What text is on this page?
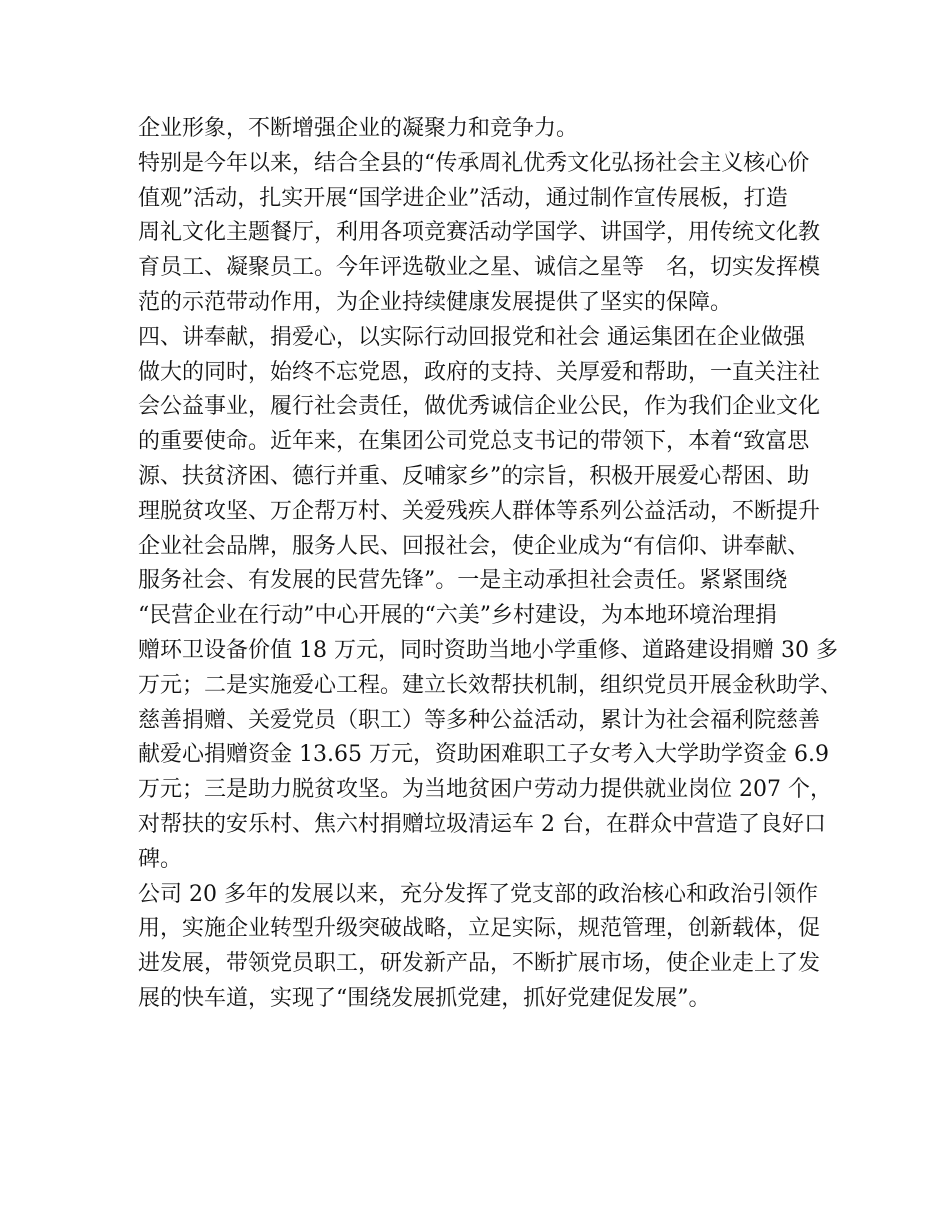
企业形象，不断增强企业的凝聚力和竞争力。
特别是今年以来，结合全县的“传承周礼优秀文化弘扬社会主义核心价
值观”活动，扎实开展“国学进企业”活动，通过制作宣传展板，打造
周礼文化主题餐厅，利用各项竞赛活动学国学、讲国学，用传统文化教
育员工、凝聚员工。今年评选敬业之星、诚信之星等　名，切实发挥模
范的示范带动作用，为企业持续健康发展提供了坚实的保障。
四、讲奉献，捐爱心，以实际行动回报党和社会 通运集团在企业做强
做大的同时，始终不忘党恩，政府的支持、关厚爱和帮助，一直关注社
会公益事业，履行社会责任，做优秀诚信企业公民，作为我们企业文化
的重要使命。近年来，在集团公司党总支书记的带领下，本着“致富思
源、扶贫济困、德行并重、反哺家乡”的宗旨，积极开展爱心帮困、助
理脱贫攻坚、万企帮万村、关爱残疾人群体等系列公益活动，不断提升
企业社会品牌，服务人民、回报社会，使企业成为“有信仰、讲奉献、
服务社会、有发展的民营先锋”。一是主动承担社会责任。紧紧围绕
“民营企业在行动”中心开展的“六美”乡村建设，为本地环境治理捐
赠环卫设备价值 18 万元，同时资助当地小学重修、道路建设捐赠 30 多
万元；二是实施爱心工程。建立长效帮扶机制，组织党员开展金秋助学、
慈善捐赠、关爱党员（职工）等多种公益活动，累计为社会福利院慈善
献爱心捐赠资金 13.65 万元，资助困难职工子女考入大学助学资金 6.9
万元；三是助力脱贫攻坚。为当地贫困户劳动力提供就业岗位 207 个，
对帮扶的安乐村、焦六村捐赠垃圾清运车 2 台，在群众中营造了良好口
碑。
公司 20 多年的发展以来，充分发挥了党支部的政治核心和政治引领作
用，实施企业转型升级突破战略，立足实际，规范管理，创新载体，促
进发展，带领党员职工，研发新产品，不断扩展市场，使企业走上了发
展的快车道，实现了“围绕发展抓党建，抓好党建促发展”。
